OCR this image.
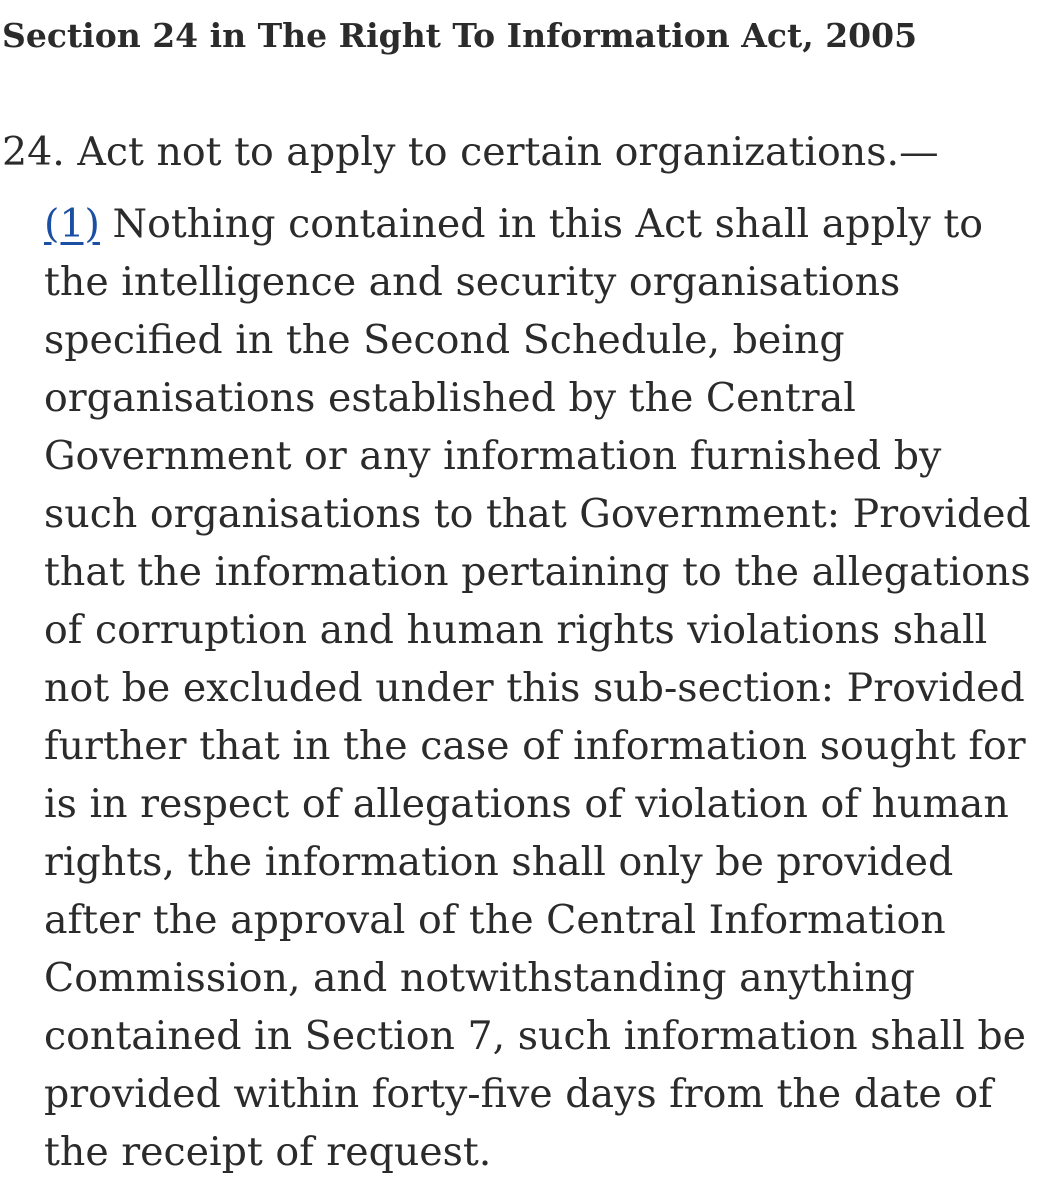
Section 24 in The Right To Information Act, 2005
24. Act not to apply to certain organizations.—
(1) Nothing contained in this Act shall apply to
the intelligence and security organisations
specified in the Second Schedule, being
organisations established by the Central
Government or any information furnished by
such organisations to that Government: Provided
that the information pertaining to the allegations
of corruption and human rights violations shall
not be excluded under this sub‐section: Provided
further that in the case of information sought for
is in respect of allegations of violation of human
rights, the information shall only be provided
after the approval of the Central Information
Commission, and notwithstanding anything
contained in Section 7, such information shall be
provided within forty‐five days from the date of
the receipt of request.
